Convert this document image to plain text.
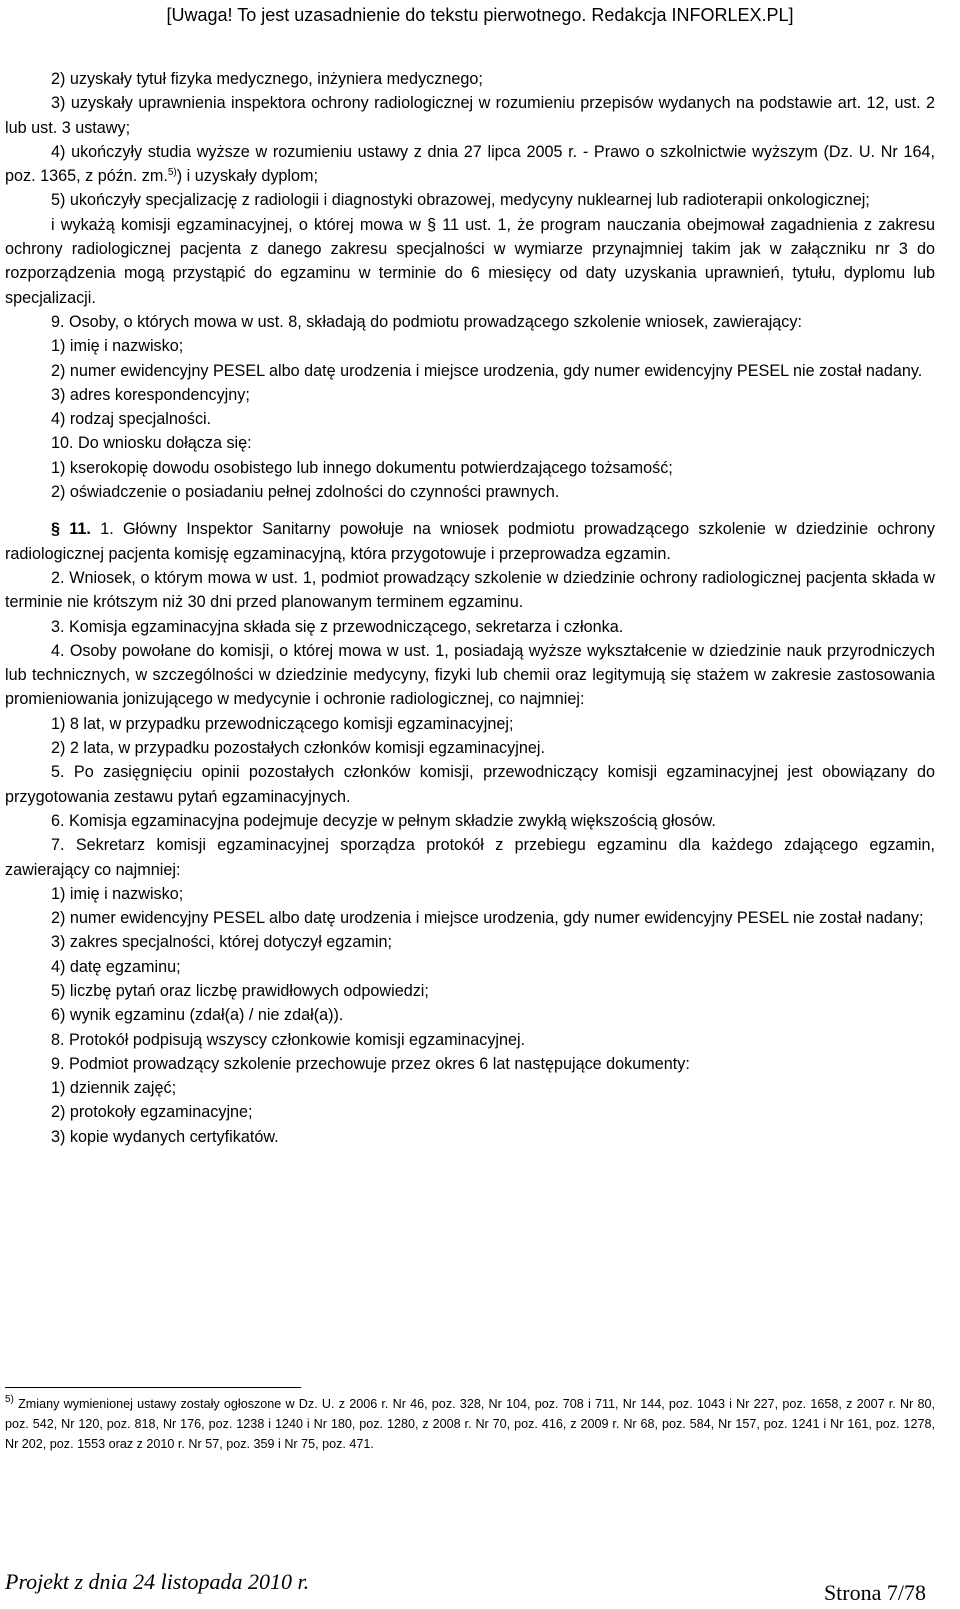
[Uwaga! To jest uzasadnienie do tekstu pierwotnego. Redakcja INFORLEX.PL]

2) uzyskały tytuł fizyka medycznego, inżyniera medycznego;

3) uzyskały uprawnienia inspektora ochrony radiologicznej w rozumieniu przepisów wydanych na podstawie art. 12, ust. 2 lub ust. 3 ustawy;

4) ukończyły studia wyższe w rozumieniu ustawy z dnia 27 lipca 2005 r. - Prawo o szkolnictwie wyższym (Dz. U. Nr 164, poz. 1365, z późn. zm.$^{5)}$) i uzyskały dyplom;

5) ukończyły specjalizację z radiologii i diagnostyki obrazowej, medycyny nuklearnej lub radioterapii onkologicznej;

i wykażą komisji egzaminacyjnej, o której mowa w § 11 ust. 1, że program nauczania obejmował zagadnienia z zakresu ochrony radiologicznej pacjenta z danego zakresu specjalności w wymiarze przynajmniej takim jak w załączniku nr 3 do rozporządzenia mogą przystąpić do egzaminu w terminie do 6 miesięcy od daty uzyskania uprawnień, tytułu, dyplomu lub specjalizacji.

9. Osoby, o których mowa w ust. 8, składają do podmiotu prowadzącego szkolenie wniosek, zawierający:

1) imię i nazwisko;

2) numer ewidencyjny PESEL albo datę urodzenia i miejsce urodzenia, gdy numer ewidencyjny PESEL nie został nadany.

3) adres korespondencyjny;

4) rodzaj specjalności.

10. Do wniosku dołącza się:

1) kserokopię dowodu osobistego lub innego dokumentu potwierdzającego tożsamość;

2) oświadczenie o posiadaniu pełnej zdolności do czynności prawnych.

§ 11. 1. Główny Inspektor Sanitarny powołuje na wniosek podmiotu prowadzącego szkolenie w dziedzinie ochrony radiologicznej pacjenta komisję egzaminacyjną, która przygotowuje i przeprowadza egzamin.

2. Wniosek, o którym mowa w ust. 1, podmiot prowadzący szkolenie w dziedzinie ochrony radiologicznej pacjenta składa w terminie nie krótszym niż 30 dni przed planowanym terminem egzaminu.

3. Komisja egzaminacyjna składa się z przewodniczącego, sekretarza i członka.

4. Osoby powołane do komisji, o której mowa w ust. 1, posiadają wyższe wykształcenie w dziedzinie nauk przyrodniczych lub technicznych, w szczególności w dziedzinie medycyny, fizyki lub chemii oraz legitymują się stażem w zakresie zastosowania promieniowania jonizującego w medycynie i ochronie radiologicznej, co najmniej:

1) 8 lat, w przypadku przewodniczącego komisji egzaminacyjnej;

2) 2 lata, w przypadku pozostałych członków komisji egzaminacyjnej.

5. Po zasięgnięciu opinii pozostałych członków komisji, przewodniczący komisji egzaminacyjnej jest obowiązany do przygotowania zestawu pytań egzaminacyjnych.

6. Komisja egzaminacyjna podejmuje decyzje w pełnym składzie zwykłą większością głosów.

7. Sekretarz komisji egzaminacyjnej sporządza protokół z przebiegu egzaminu dla każdego zdającego egzamin, zawierający co najmniej:

1) imię i nazwisko;

2) numer ewidencyjny PESEL albo datę urodzenia i miejsce urodzenia, gdy numer ewidencyjny PESEL nie został nadany;

3) zakres specjalności, której dotyczył egzamin;

4) datę egzaminu;

5) liczbę pytań oraz liczbę prawidłowych odpowiedzi;

6) wynik egzaminu (zdał(a) / nie zdał(a)).

8. Protokół podpisują wszyscy członkowie komisji egzaminacyjnej.

9. Podmiot prowadzący szkolenie przechowuje przez okres 6 lat następujące dokumenty:

1) dziennik zajęć;

2) protokoły egzaminacyjne;

3) kopie wydanych certyfikatów.

$^{5)}$ Zmiany wymienionej ustawy zostały ogłoszone w Dz. U. z 2006 r. Nr 46, poz. 328, Nr 104, poz. 708 i 711, Nr 144, poz. 1043 i Nr 227, poz. 1658, z 2007 r. Nr 80, poz. 542, Nr 120, poz. 818, Nr 176, poz. 1238 i 1240 i Nr 180, poz. 1280, z 2008 r. Nr 70, poz. 416, z 2009 r. Nr 68, poz. 584, Nr 157, poz. 1241 i Nr 161, poz. 1278, Nr 202, poz. 1553 oraz z 2010 r. Nr 57, poz. 359 i Nr 75, poz. 471.
Projekt z dnia 24 listopada 2010 r.	Strona 7/78
